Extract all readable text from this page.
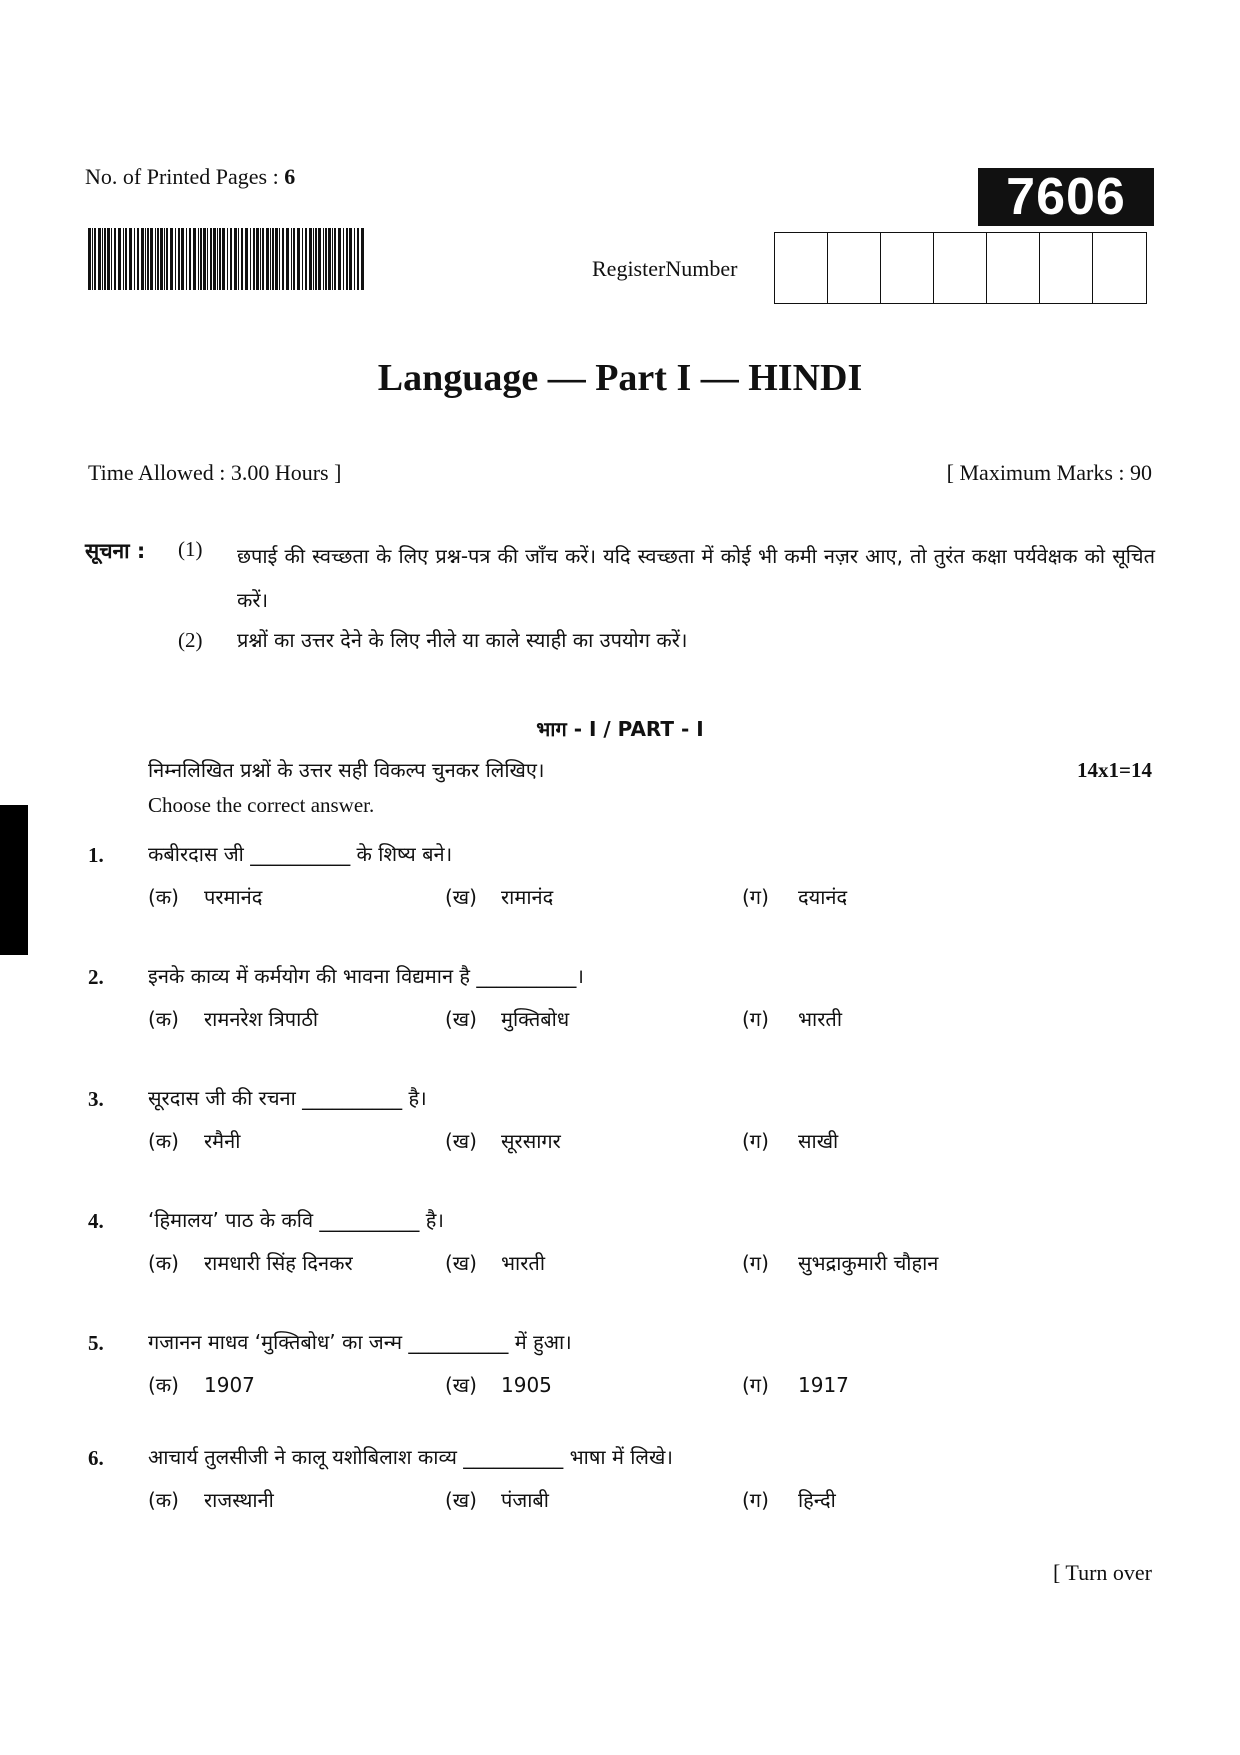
No. of Printed Pages : 6	7606
RegisterNumber
Language — Part I — HINDI
Time Allowed : 3.00 Hours ]	[ Maximum Marks : 90
सूचना : (1) छपाई की स्वच्छता के लिए प्रश्न-पत्र की जाँच करें। यदि स्वच्छता में कोई भी कमी नज़र आए, तो तुरंत कक्षा पर्यवेक्षक को सूचित करें।
(2) प्रश्नों का उत्तर देने के लिए नीले या काले स्याही का उपयोग करें।
भाग - I / PART - I
निम्नलिखित प्रश्नों के उत्तर सही विकल्प चुनकर लिखिए।	14x1=14
Choose the correct answer.
1. कबीरदास जी __________ के शिष्य बने।
(क) परमानंद	(ख) रामानंद	(ग) दयानंद
2. इनके काव्य में कर्मयोग की भावना विद्यमान है __________।
(क) रामनरेश त्रिपाठी	(ख) मुक्तिबोध	(ग) भारती
3. सूरदास जी की रचना __________ है।
(क) रमैनी	(ख) सूरसागर	(ग) साखी
4. ‘हिमालय’ पाठ के कवि __________ है।
(क) रामधारी सिंह दिनकर	(ख) भारती	(ग) सुभद्राकुमारी चौहान
5. गजानन माधव ‘मुक्तिबोध’ का जन्म __________ में हुआ।
(क) 1907	(ख) 1905	(ग) 1917
6. आचार्य तुलसीजी ने कालू यशोबिलाश काव्य __________ भाषा में लिखे।
(क) राजस्थानी	(ख) पंजाबी	(ग) हिन्दी
[ Turn over
